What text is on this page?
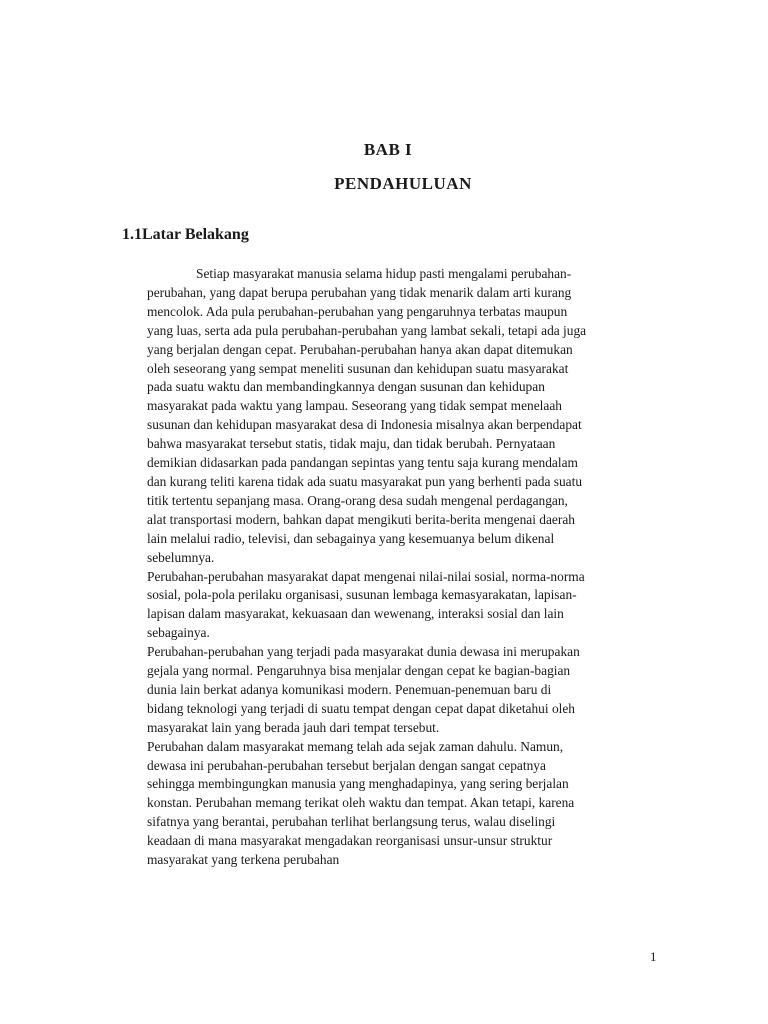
BAB I
PENDAHULUAN
1.1Latar Belakang
Setiap masyarakat manusia selama hidup pasti mengalami perubahan-
perubahan, yang dapat berupa perubahan yang tidak menarik dalam arti kurang
mencolok. Ada pula perubahan-perubahan yang pengaruhnya terbatas maupun
yang luas, serta ada pula perubahan-perubahan yang lambat sekali, tetapi ada juga
yang berjalan dengan cepat. Perubahan-perubahan hanya akan dapat ditemukan
oleh seseorang yang sempat meneliti susunan dan kehidupan suatu masyarakat
pada suatu waktu dan membandingkannya dengan susunan dan kehidupan
masyarakat pada waktu yang lampau. Seseorang yang tidak sempat menelaah
susunan dan kehidupan masyarakat desa di Indonesia misalnya akan berpendapat
bahwa masyarakat tersebut statis, tidak maju, dan tidak berubah. Pernyataan
demikian didasarkan pada pandangan sepintas yang tentu saja kurang mendalam
dan kurang teliti karena tidak ada suatu masyarakat pun yang berhenti pada suatu
titik tertentu sepanjang masa. Orang-orang desa sudah mengenal perdagangan,
alat transportasi modern, bahkan dapat mengikuti berita-berita mengenai daerah
lain melalui radio, televisi, dan sebagainya yang kesemuanya belum dikenal
sebelumnya.
Perubahan-perubahan masyarakat dapat mengenai nilai-nilai sosial, norma-norma
sosial, pola-pola perilaku organisasi, susunan lembaga kemasyarakatan, lapisan-
lapisan dalam masyarakat, kekuasaan dan wewenang, interaksi sosial dan lain
sebagainya.
Perubahan-perubahan yang terjadi pada masyarakat dunia dewasa ini merupakan
gejala yang normal. Pengaruhnya bisa menjalar dengan cepat ke bagian-bagian
dunia lain berkat adanya komunikasi modern. Penemuan-penemuan baru di
bidang teknologi yang terjadi di suatu tempat dengan cepat dapat diketahui oleh
masyarakat lain yang berada jauh dari tempat tersebut.
Perubahan dalam masyarakat memang telah ada sejak zaman dahulu. Namun,
dewasa ini perubahan-perubahan tersebut berjalan dengan sangat cepatnya
sehingga membingungkan manusia yang menghadapinya, yang sering berjalan
konstan. Perubahan memang terikat oleh waktu dan tempat. Akan tetapi, karena
sifatnya yang berantai, perubahan terlihat berlangsung terus, walau diselingi
keadaan di mana masyarakat mengadakan reorganisasi unsur-unsur struktur
masyarakat yang terkena perubahan
1
